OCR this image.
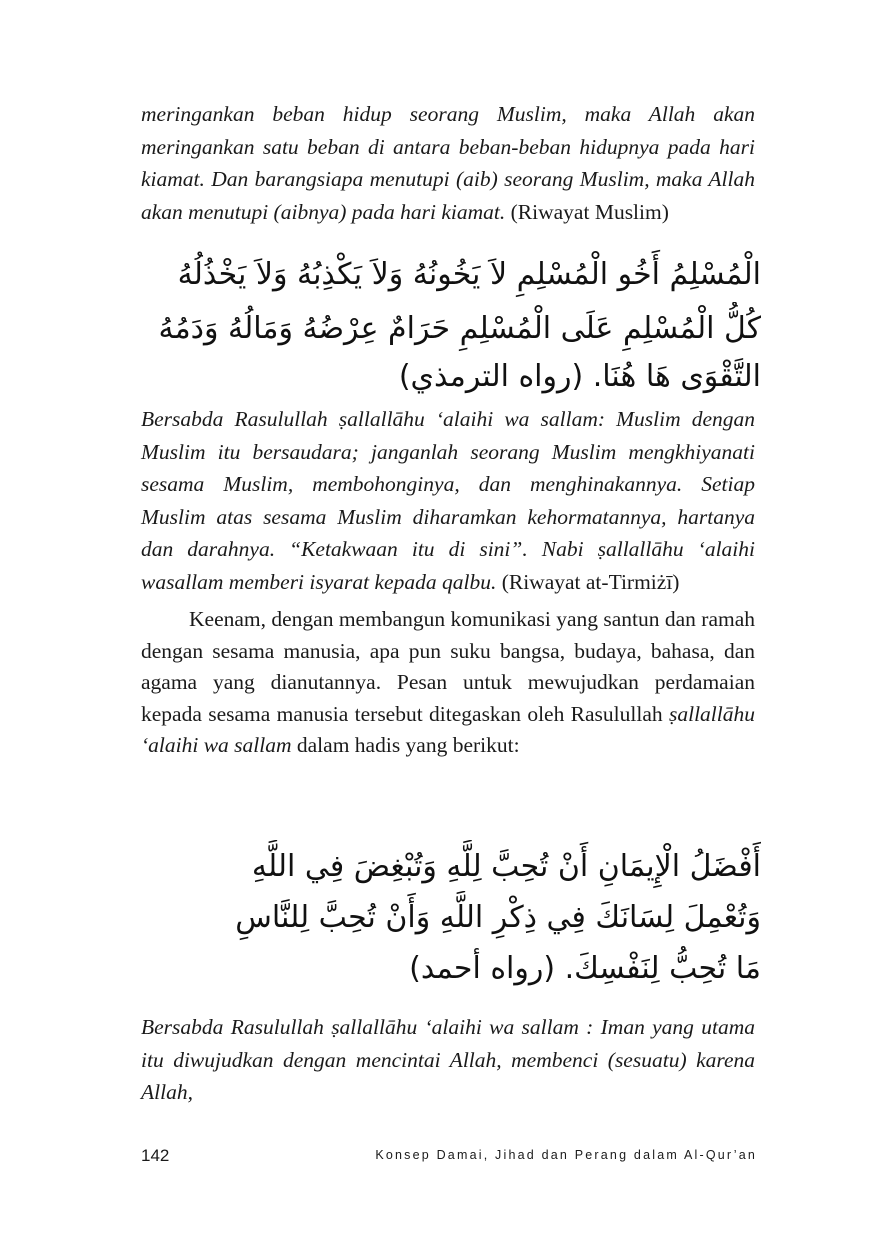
meringankan beban hidup seorang Muslim, maka Allah akan meringankan satu beban di antara beban-beban hidupnya pada hari kiamat. Dan barangsiapa menutupi (aib) seorang Muslim, maka Allah akan menutupi (aibnya) pada hari kiamat. (Riwayat Muslim)

الْمُسْلِمُ أَخُو الْمُسْلِمِ لاَ يَخُونُهُ وَلاَ يَكْذِبُهُ وَلاَ يَخْذُلُهُ
كُلُّ الْمُسْلِمِ عَلَى الْمُسْلِمِ حَرَامٌ عِرْضُهُ وَمَالُهُ وَدَمُهُ
التَّقْوَى هَا هُنَا. (رواه الترمذي)

Bersabda Rasulullah ṣallallāhu ‘alaihi wa sallam: Muslim dengan Muslim itu bersaudara; janganlah seorang Muslim mengkhiyanati sesama Muslim, membohonginya, dan menghinakannya. Setiap Muslim atas sesama Muslim diharamkan kehormatannya, hartanya dan darahnya. “Ketakwaan itu di sini”. Nabi ṣallallāhu ‘alaihi wasallam memberi isyarat kepada qalbu. (Riwayat at-Tirmiżī)

Keenam, dengan membangun komunikasi yang santun dan ramah dengan sesama manusia, apa pun suku bangsa, budaya, bahasa, dan agama yang dianutannya. Pesan untuk mewujudkan perdamaian kepada sesama manusia tersebut ditegaskan oleh Rasulullah ṣallallāhu ‘alaihi wa sallam dalam hadis yang berikut:

أَفْضَلُ الْإِيمَانِ أَنْ تُحِبَّ لِلَّهِ وَتُبْغِضَ فِي اللَّهِ
وَتُعْمِلَ لِسَانَكَ فِي ذِكْرِ اللَّهِ وَأَنْ تُحِبَّ لِلنَّاسِ
مَا تُحِبُّ لِنَفْسِكَ. (رواه أحمد)

Bersabda Rasulullah ṣallallāhu ‘alaihi wa sallam : Iman yang utama itu diwujudkan dengan mencintai Allah, membenci (sesuatu) karena Allah,

142	Konsep Damai, Jihad dan Perang dalam Al-Qur’an
